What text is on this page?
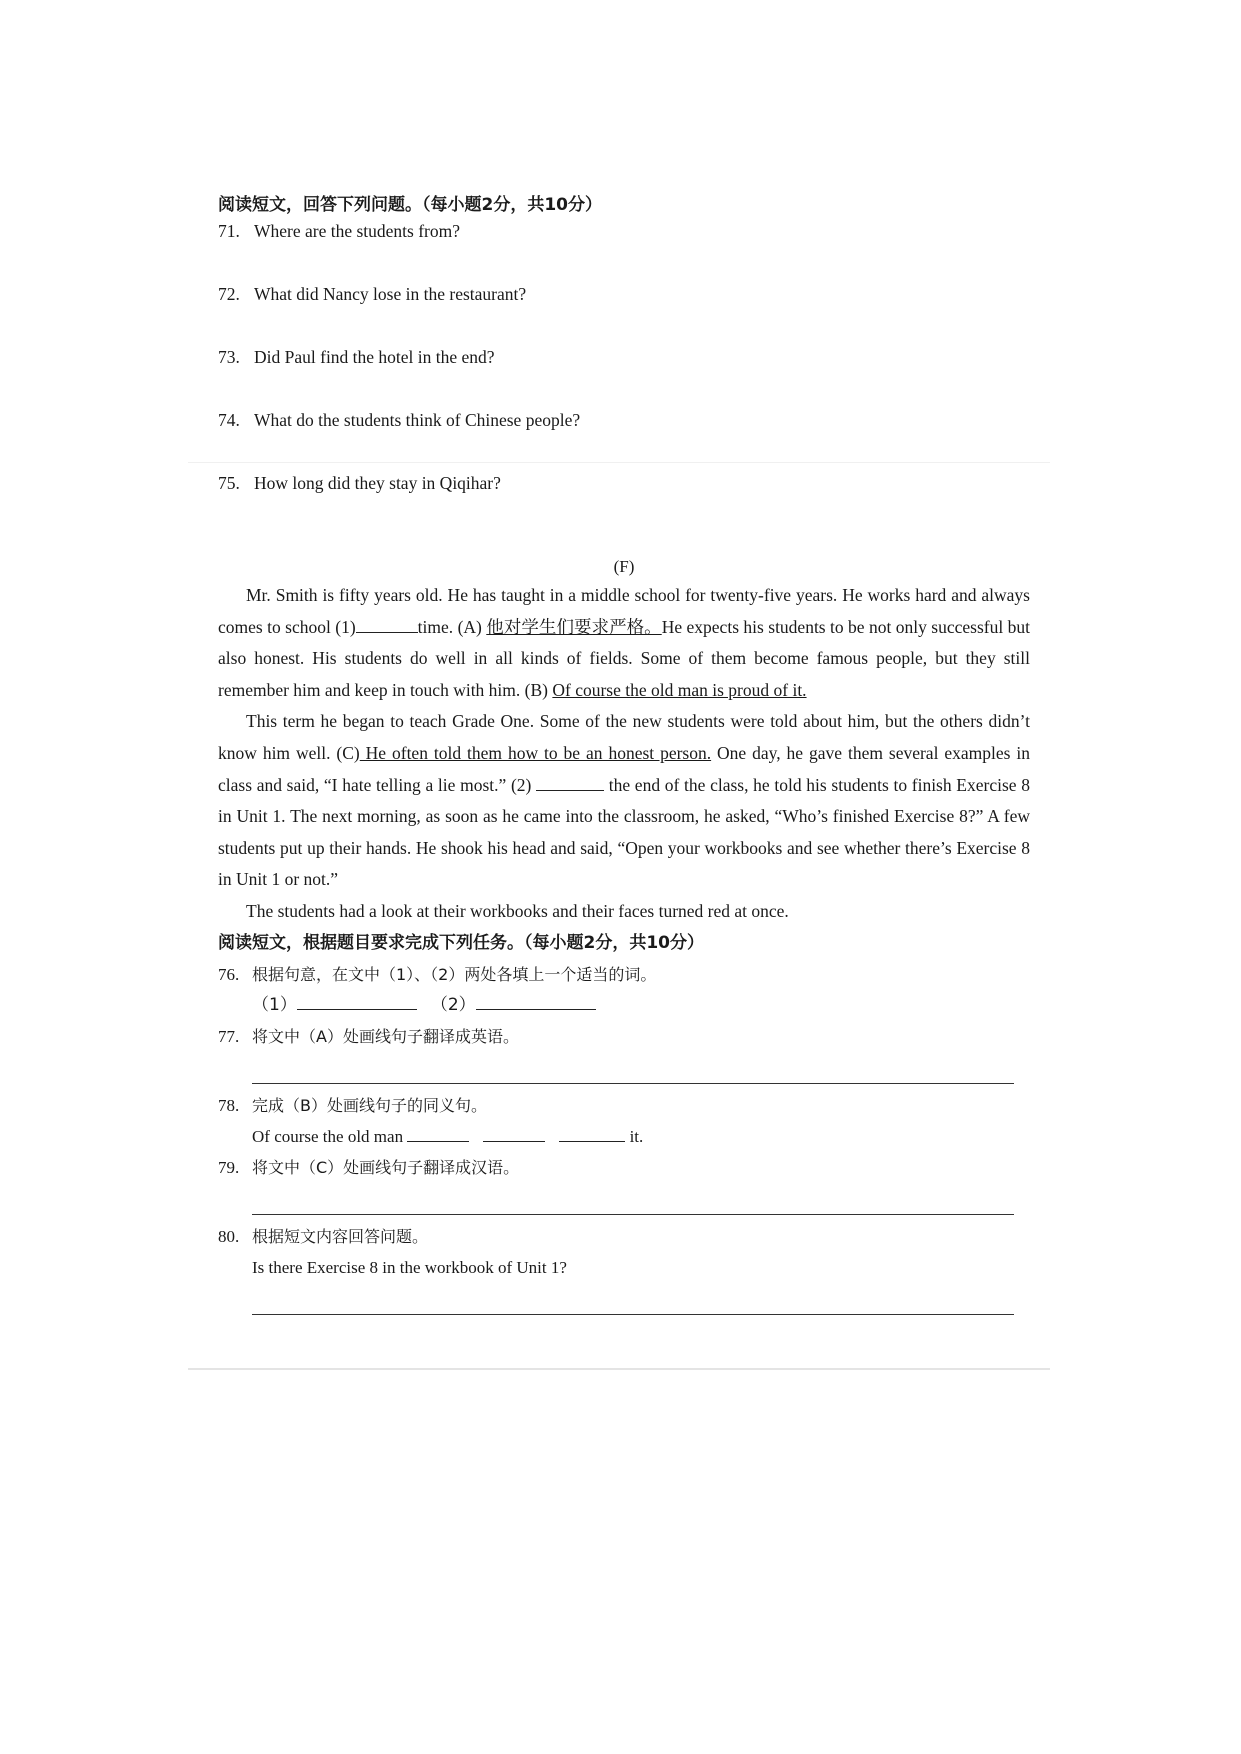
阅读短文，回答下列问题。（每小题2分，共10分）

71. Where are the students from?

72. What did Nancy lose in the restaurant?

73. Did Paul find the hotel in the end?

74. What do the students think of Chinese people?

75. How long did they stay in Qiqihar?

(F)

Mr. Smith is fifty years old. He has taught in a middle school for twenty-five years. He works hard and always comes to school (1)	time. (A) 他对学生们要求严格。He expects his students to be not only successful but also honest. His students do well in all kinds of fields. Some of them become famous people, but they still remember him and keep in touch with him. (B) Of course the old man is proud of it.

This term he began to teach Grade One. Some of the new students were told about him, but the others didn’t know him well. (C) He often told them how to be an honest person. One day, he gave them several examples in class and said, “I hate telling a lie most.” (2)	the end of the class, he told his students to finish Exercise 8 in Unit 1. The next morning, as soon as he came into the classroom, he asked, “Who’s finished Exercise 8?” A few students put up their hands. He shook his head and said, “Open your workbooks and see whether there’s Exercise 8 in Unit 1 or not.”

The students had a look at their workbooks and their faces turned red at once.

阅读短文，根据题目要求完成下列任务。（每小题2分，共10分）

76. 根据句意，在文中（1）、（2）两处各填上一个适当的词。

（1）	（2）

77. 将文中（A）处画线句子翻译成英语。

78. 完成（B）处画线句子的同义句。

Of course the old man	it.

79. 将文中（C）处画线句子翻译成汉语。

80. 根据短文内容回答问题。

Is there Exercise 8 in the workbook of Unit 1?
